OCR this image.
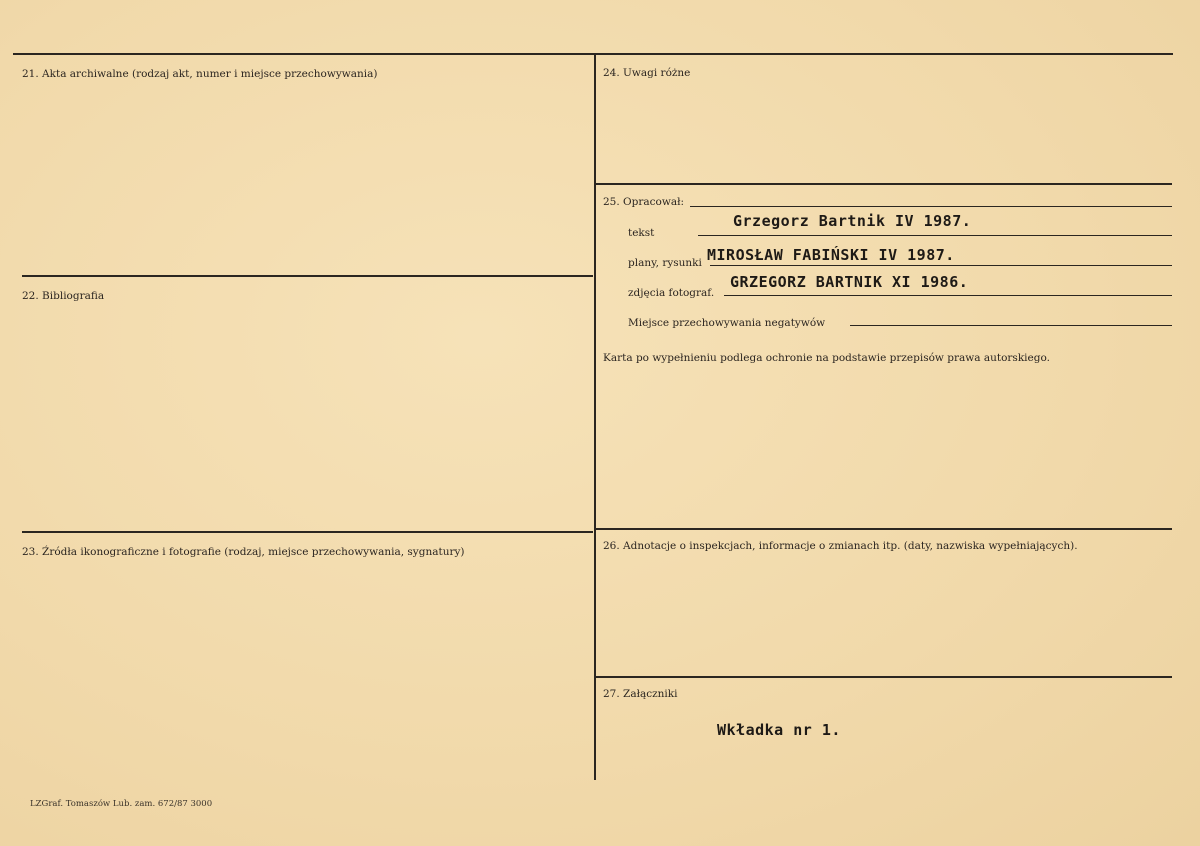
21. Akta archiwalne (rodzaj akt, numer i miejsce przechowywania)
22. Bibliografia
23. Źródła ikonograficzne i fotografie (rodzaj, miejsce przechowywania, sygnatury)
24. Uwagi różne
25. Opracował:
tekst
Grzegorz Bartnik IV 1987.
plany, rysunki MIROSŁAW FABIŃSKI IV 1987.
zdjęcia fotograf.
GRZEGORZ BARTNIK XI 1986.
Miejsce przechowywania negatywów
Karta po wypełnieniu podlega ochronie na podstawie przepisów prawa autorskiego.
26. Adnotacje o inspekcjach, informacje o zmianach itp. (daty, nazwiska wypełniających).
27. Załączniki
Wkładka nr 1.
LZGraf. Tomaszów Lub. zam. 672/87 3000
